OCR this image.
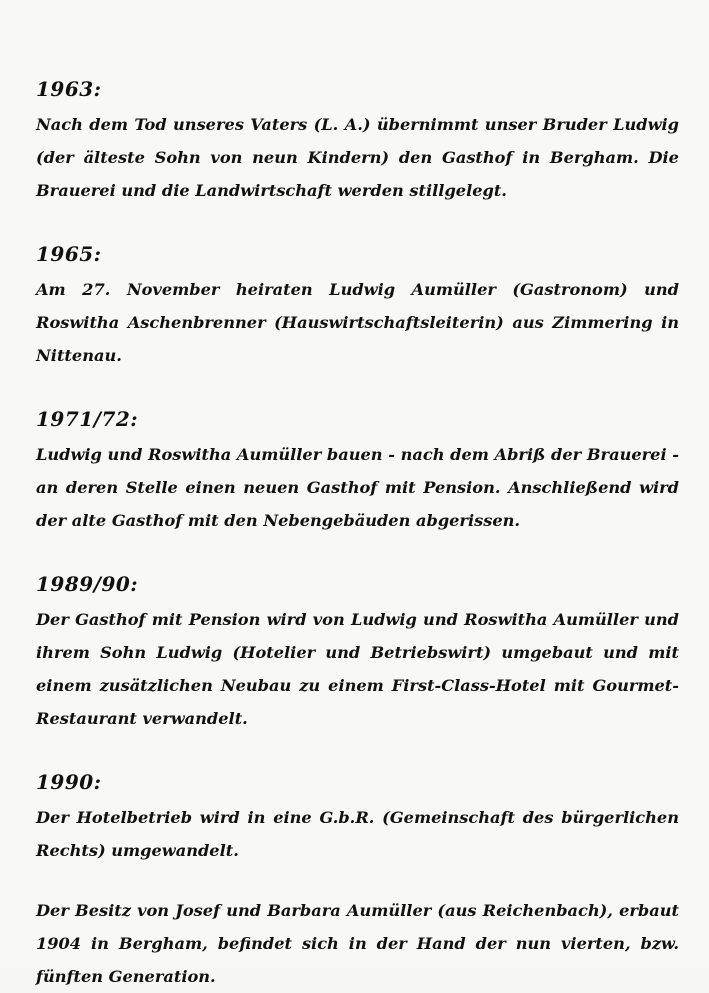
1963:

Nach dem Tod unseres Vaters (L. A.) übernimmt unser Bruder Ludwig (der älteste Sohn von neun Kindern) den Gasthof in Bergham. Die Brauerei und die Landwirtschaft werden stillgelegt.

1965:

Am 27. November heiraten Ludwig Aumüller (Gastronom) und Roswitha Aschenbrenner (Hauswirtschaftsleiterin) aus Zimmering in Nittenau.

1971/72:

Ludwig und Roswitha Aumüller bauen - nach dem Abriß der Brauerei - an deren Stelle einen neuen Gasthof mit Pension. Anschließend wird der alte Gasthof mit den Nebengebäuden abgerissen.

1989/90:

Der Gasthof mit Pension wird von Ludwig und Roswitha Aumüller und ihrem Sohn Ludwig (Hotelier und Betriebswirt) umgebaut und mit einem zusätzlichen Neubau zu einem First-Class-Hotel mit Gourmet-Restaurant verwandelt.

1990:

Der Hotelbetrieb wird in eine G.b.R. (Gemeinschaft des bürgerlichen Rechts) umgewandelt.

Der Besitz von Josef und Barbara Aumüller (aus Reichenbach), erbaut 1904 in Bergham, befindet sich in der Hand der nun vierten, bzw. fünften Generation.
